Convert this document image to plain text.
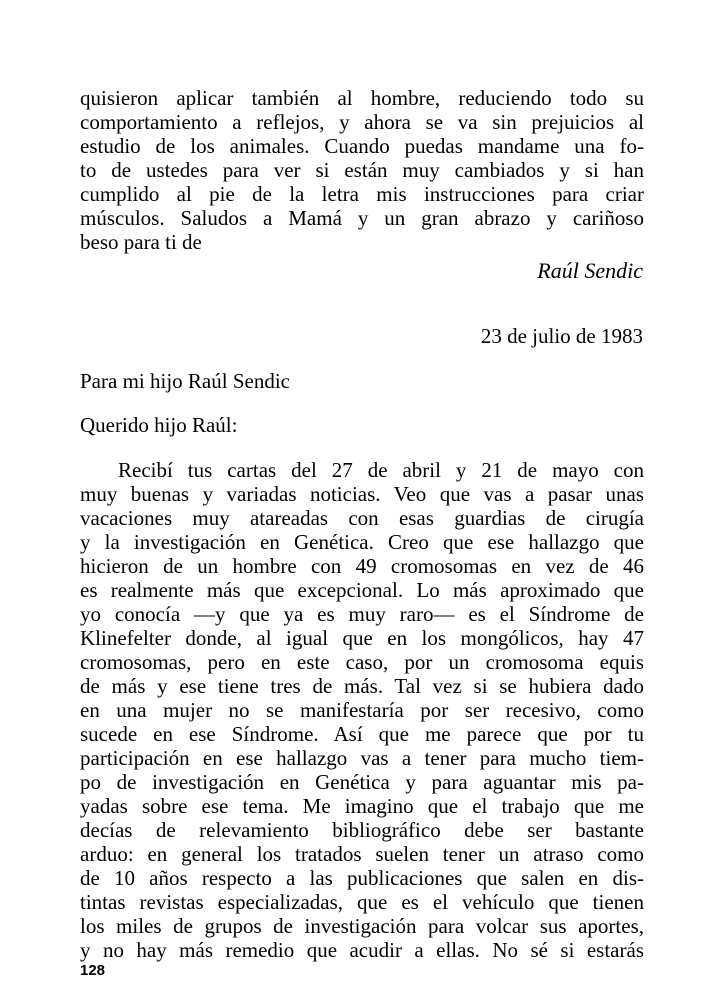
quisieron aplicar también al hombre, reduciendo todo su
comportamiento a reflejos, y ahora se va sin prejuicios al
estudio de los animales. Cuando puedas mandame una fo-
to de ustedes para ver si están muy cambiados y si han
cumplido al pie de la letra mis instrucciones para criar
músculos. Saludos a Mamá y un gran abrazo y cariñoso
beso para ti de
Raúl Sendic
23 de julio de 1983
Para mi hijo Raúl Sendic
Querido hijo Raúl:
Recibí tus cartas del 27 de abril y 21 de mayo con
muy buenas y variadas noticias. Veo que vas a pasar unas
vacaciones muy atareadas con esas guardias de cirugía
y la investigación en Genética. Creo que ese hallazgo que
hicieron de un hombre con 49 cromosomas en vez de 46
es realmente más que excepcional. Lo más aproximado que
yo conocía —y que ya es muy raro— es el Síndrome de
Klinefelter donde, al igual que en los mongólicos, hay 47
cromosomas, pero en este caso, por un cromosoma equis
de más y ese tiene tres de más. Tal vez si se hubiera dado
en una mujer no se manifestaría por ser recesivo, como
sucede en ese Síndrome. Así que me parece que por tu
participación en ese hallazgo vas a tener para mucho tiem-
po de investigación en Genética y para aguantar mis pa-
yadas sobre ese tema. Me imagino que el trabajo que me
decías de relevamiento bibliográfico debe ser bastante
arduo: en general los tratados suelen tener un atraso como
de 10 años respecto a las publicaciones que salen en dis-
tintas revistas especializadas, que es el vehículo que tienen
los miles de grupos de investigación para volcar sus aportes,
y no hay más remedio que acudir a ellas. No sé si estarás
128
